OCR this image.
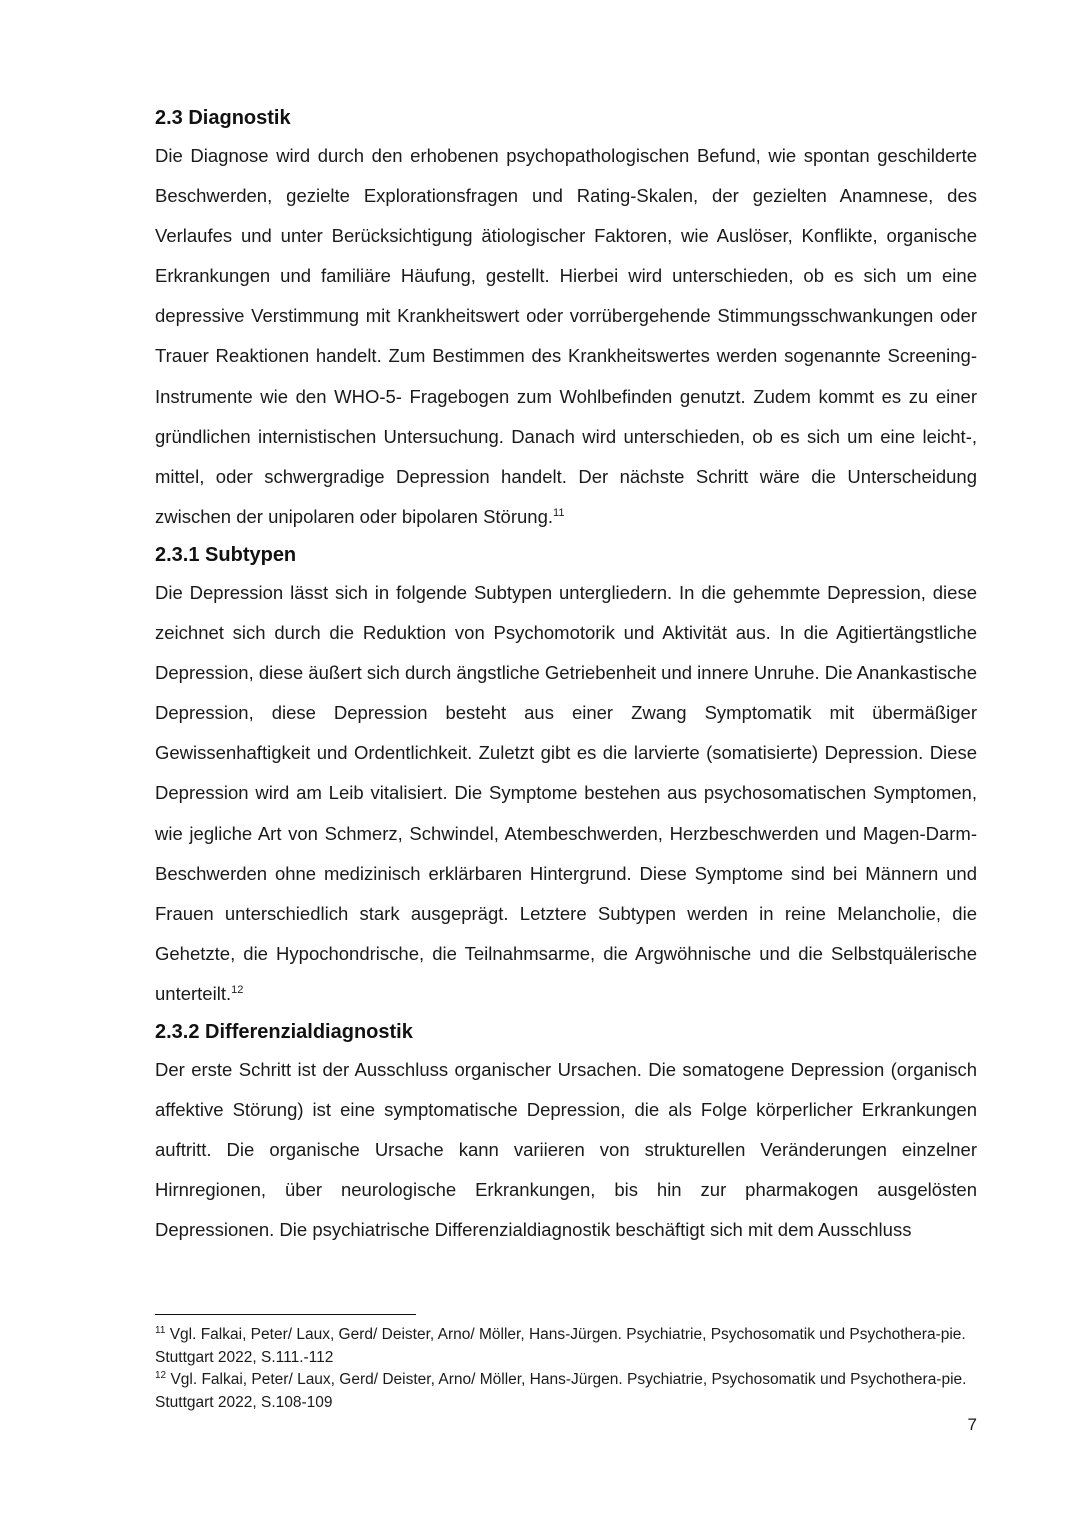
2.3 Diagnostik

Die Diagnose wird durch den erhobenen psychopathologischen Befund, wie spontan geschilderte Beschwerden, gezielte Explorationsfragen und Rating-Skalen, der gezielten Anamnese, des Verlaufes und unter Berücksichtigung ätiologischer Faktoren, wie Auslöser, Konflikte, organische Erkrankungen und familiäre Häufung, gestellt. Hierbei wird unterschieden, ob es sich um eine depressive Verstimmung mit Krankheitswert oder vorrübergehende Stimmungsschwankungen oder Trauer Reaktionen handelt. Zum Bestimmen des Krankheitswertes werden sogenannte Screening-Instrumente wie den WHO-5- Fragebogen zum Wohlbefinden genutzt. Zudem kommt es zu einer gründlichen internistischen Untersuchung. Danach wird unterschieden, ob es sich um eine leicht-, mittel, oder schwergradige Depression handelt. Der nächste Schritt wäre die Unterscheidung zwischen der unipolaren oder bipolaren Störung.$^{11}$

2.3.1 Subtypen

Die Depression lässt sich in folgende Subtypen untergliedern. In die gehemmte Depression, diese zeichnet sich durch die Reduktion von Psychomotorik und Aktivität aus. In die Agitiertängstliche Depression, diese äußert sich durch ängstliche Getriebenheit und innere Unruhe. Die Anankastische Depression, diese Depression besteht aus einer Zwang Symptomatik mit übermäßiger Gewissenhaftigkeit und Ordentlichkeit. Zuletzt gibt es die larvierte (somatisierte) Depression. Diese Depression wird am Leib vitalisiert. Die Symptome bestehen aus psychosomatischen Symptomen, wie jegliche Art von Schmerz, Schwindel, Atembeschwerden, Herzbeschwerden und Magen-Darm-Beschwerden ohne medizinisch erklärbaren Hintergrund. Diese Symptome sind bei Männern und Frauen unterschiedlich stark ausgeprägt. Letztere Subtypen werden in reine Melancholie, die Gehetzte, die Hypochondrische, die Teilnahmsarme, die Argwöhnische und die Selbstquälerische unterteilt.$^{12}$

2.3.2 Differenzialdiagnostik

Der erste Schritt ist der Ausschluss organischer Ursachen. Die somatogene Depression (organisch affektive Störung) ist eine symptomatische Depression, die als Folge körperlicher Erkrankungen auftritt. Die organische Ursache kann variieren von strukturellen Veränderungen einzelner Hirnregionen, über neurologische Erkrankungen, bis hin zur pharmakogen ausgelösten Depressionen. Die psychiatrische Differenzialdiagnostik beschäftigt sich mit dem Ausschluss

$^{11}$ Vgl. Falkai, Peter/ Laux, Gerd/ Deister, Arno/ Möller, Hans-Jürgen. Psychiatrie, Psychosomatik und Psychothera-pie. Stuttgart 2022, S.111.-112

$^{12}$ Vgl. Falkai, Peter/ Laux, Gerd/ Deister, Arno/ Möller, Hans-Jürgen. Psychiatrie, Psychosomatik und Psychothera-pie. Stuttgart 2022, S.108-109

7
